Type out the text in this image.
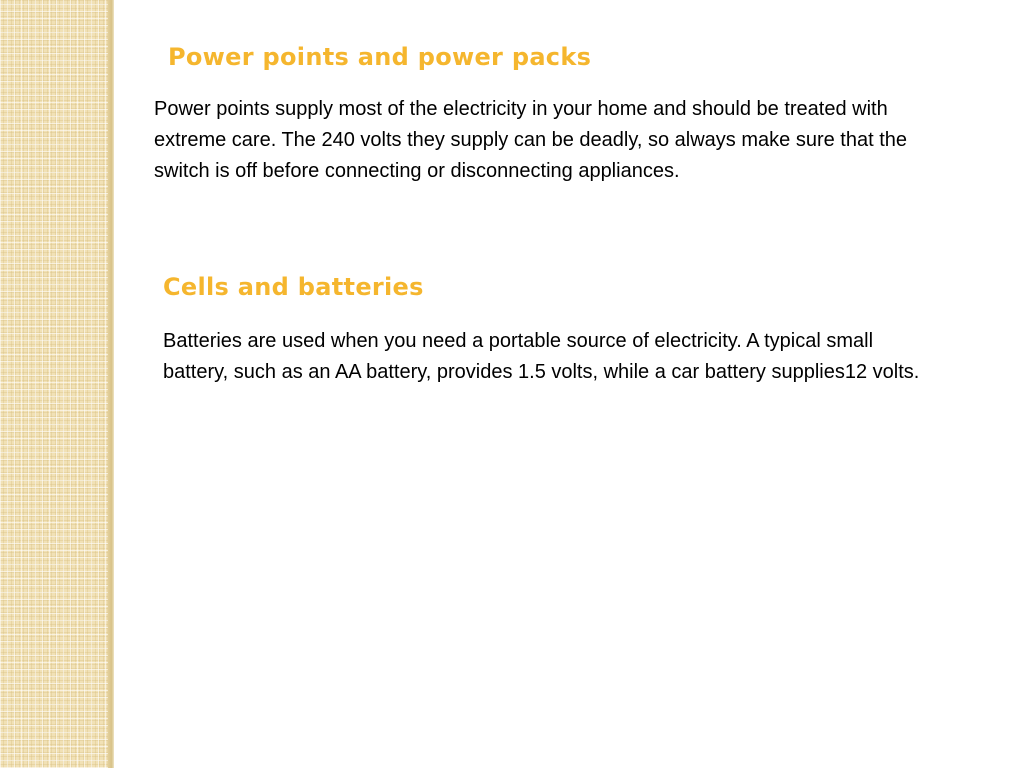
Power points and power packs

Power points supply most of the electricity in your home and should be treated with extreme care. The 240 volts they supply can be deadly, so always make sure that the switch is off before connecting or disconnecting appliances.

Cells and batteries

Batteries are used when you need a portable source of electricity. A typical small battery, such as an AA battery, provides 1.5 volts, while a car battery supplies12 volts.
